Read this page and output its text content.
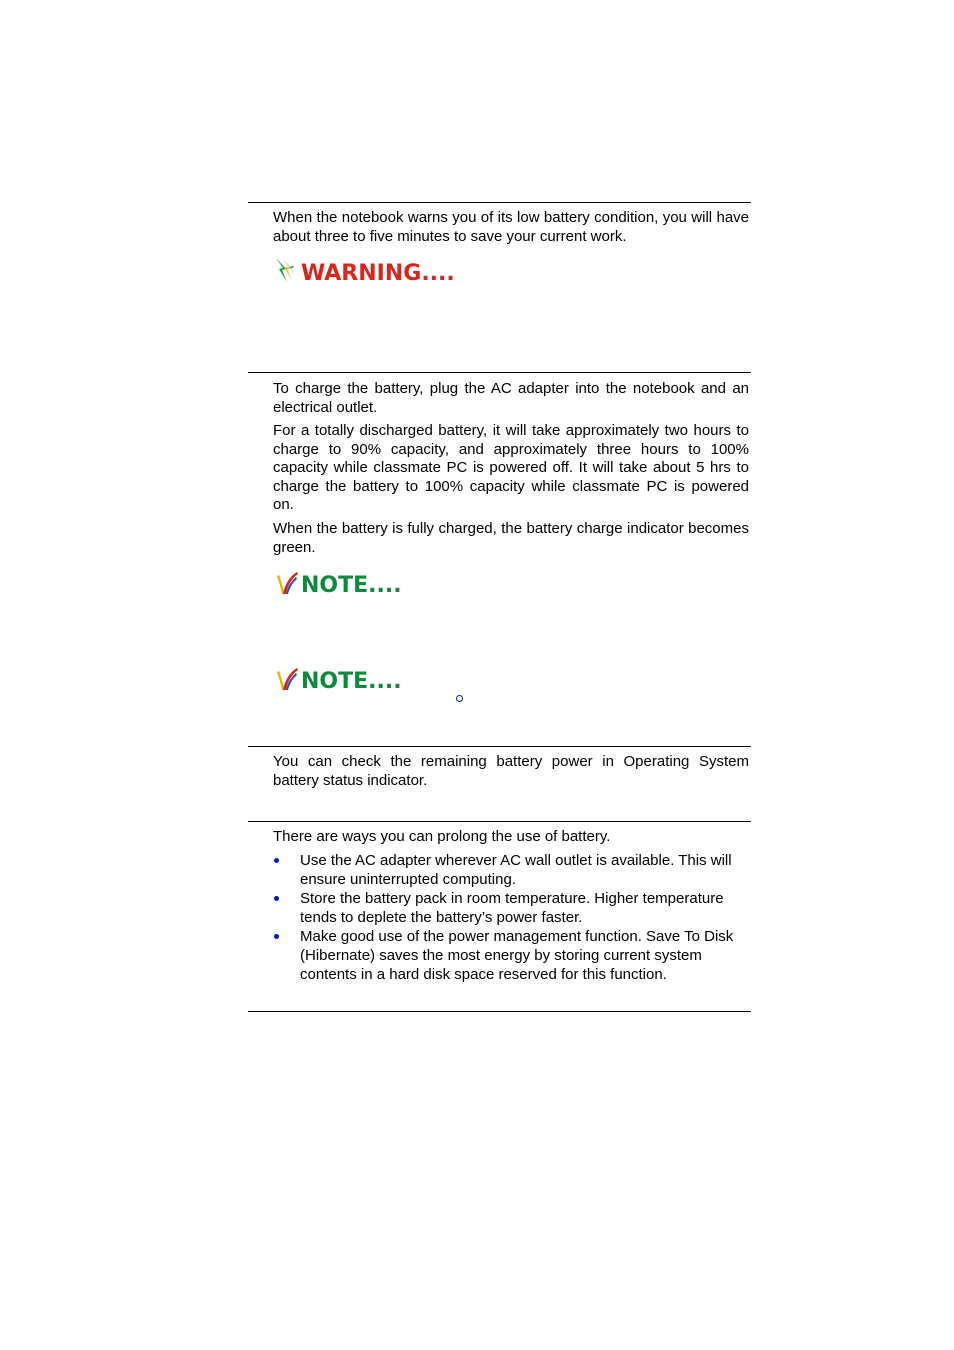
When the notebook warns you of its low battery condition, you will have about three to five minutes to save your current work.

WARNING....

To charge the battery, plug the AC adapter into the notebook and an electrical outlet.

For a totally discharged battery, it will take approximately two hours to charge to 90% capacity, and approximately three hours to 100% capacity while classmate PC is powered off. It will take about 5 hrs to charge the battery to 100% capacity while classmate PC is powered on.

When the battery is fully charged, the battery charge indicator becomes green.

NOTE....
NOTE....

You can check the remaining battery power in Operating System battery status indicator.

There are ways you can prolong the use of battery.

Use the AC adapter wherever AC wall outlet is available. This will ensure uninterrupted computing.
Store the battery pack in room temperature. Higher temperature tends to deplete the battery’s power faster.
Make good use of the power management function. Save To Disk (Hibernate) saves the most energy by storing current system contents in a hard disk space reserved for this function.
